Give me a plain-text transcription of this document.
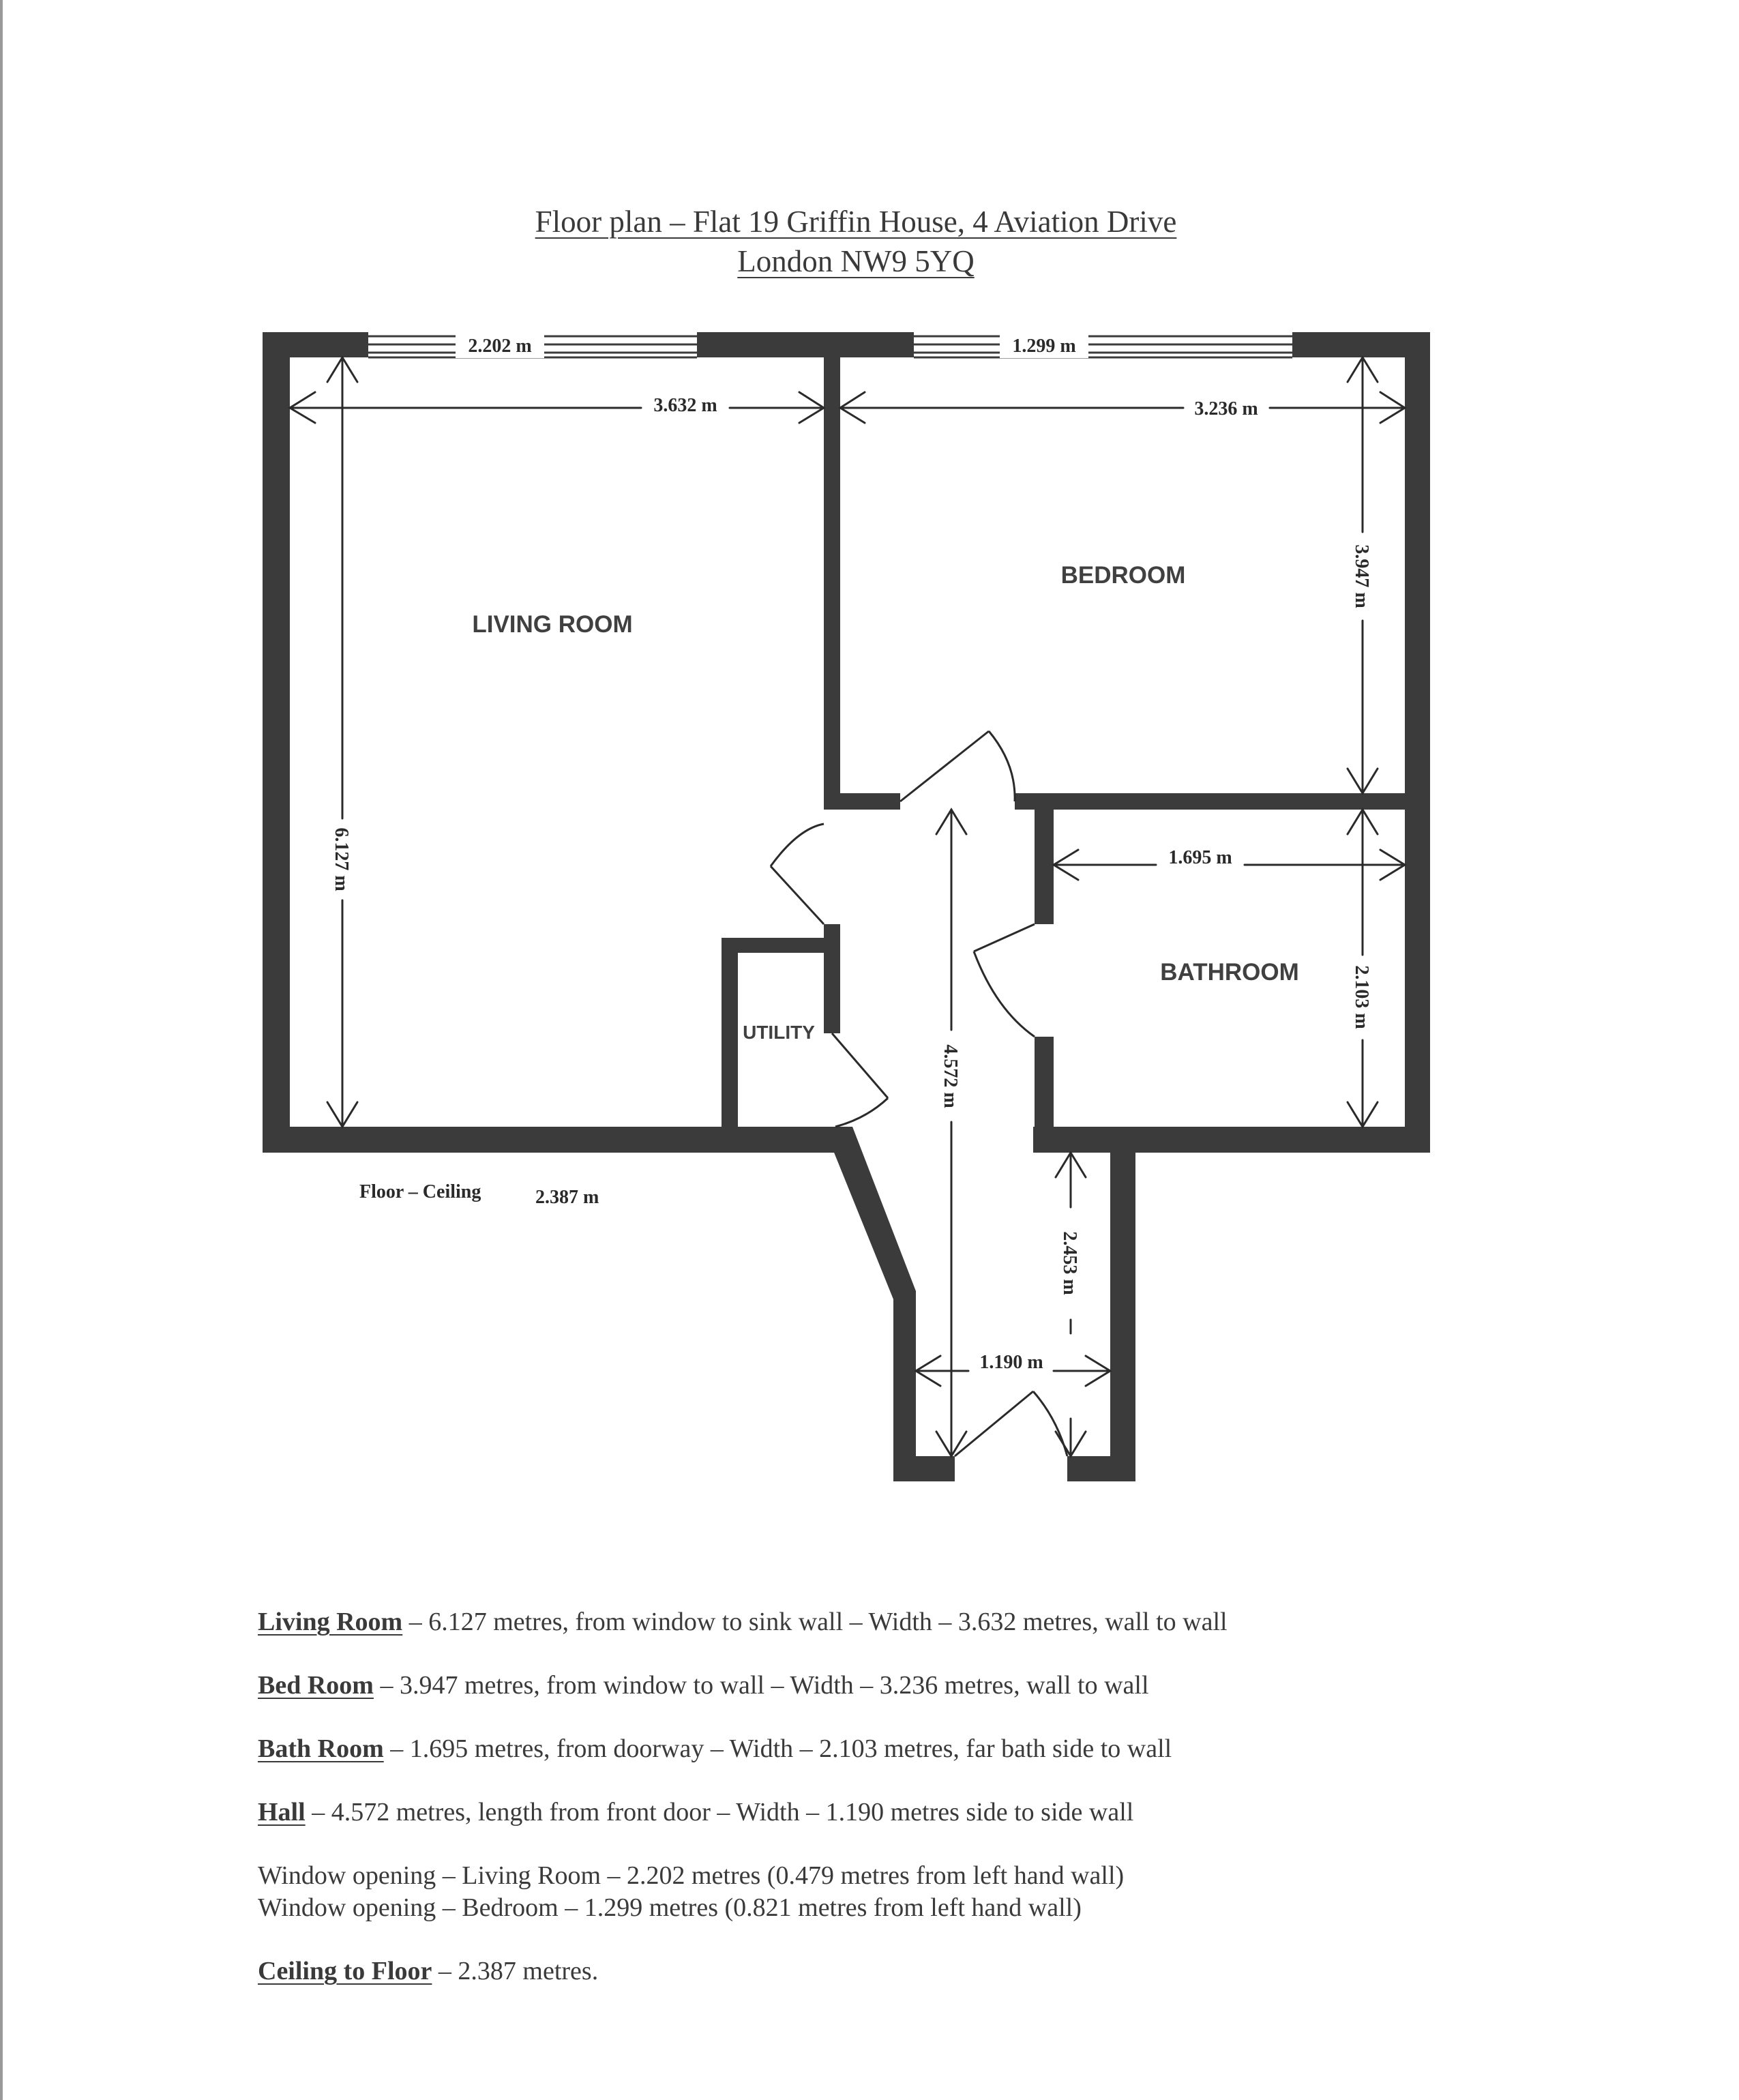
Floor plan – Flat 19 Griffin House, 4 Aviation Drive
London NW9 5YQ
LIVING ROOM
BEDROOM
BATHROOM
UTILITY
2.202 m	1.299 m
3.632 m	3.236 m
1.695 m
1.190 m
6.127 m
3.947 m
2.103 m
4.572 m
2.453 m
Floor – Ceiling	2.387 m

Living Room – 6.127 metres, from window to sink wall – Width – 3.632 metres, wall to wall

Bed Room – 3.947 metres, from window to wall – Width – 3.236 metres, wall to wall

Bath Room – 1.695 metres, from doorway – Width – 2.103 metres, far bath side to wall

Hall – 4.572 metres, length from front door – Width – 1.190 metres side to side wall

Window opening – Living Room – 2.202 metres (0.479 metres from left hand wall)

Window opening – Bedroom – 1.299 metres (0.821 metres from left hand wall)

Ceiling to Floor – 2.387 metres.
